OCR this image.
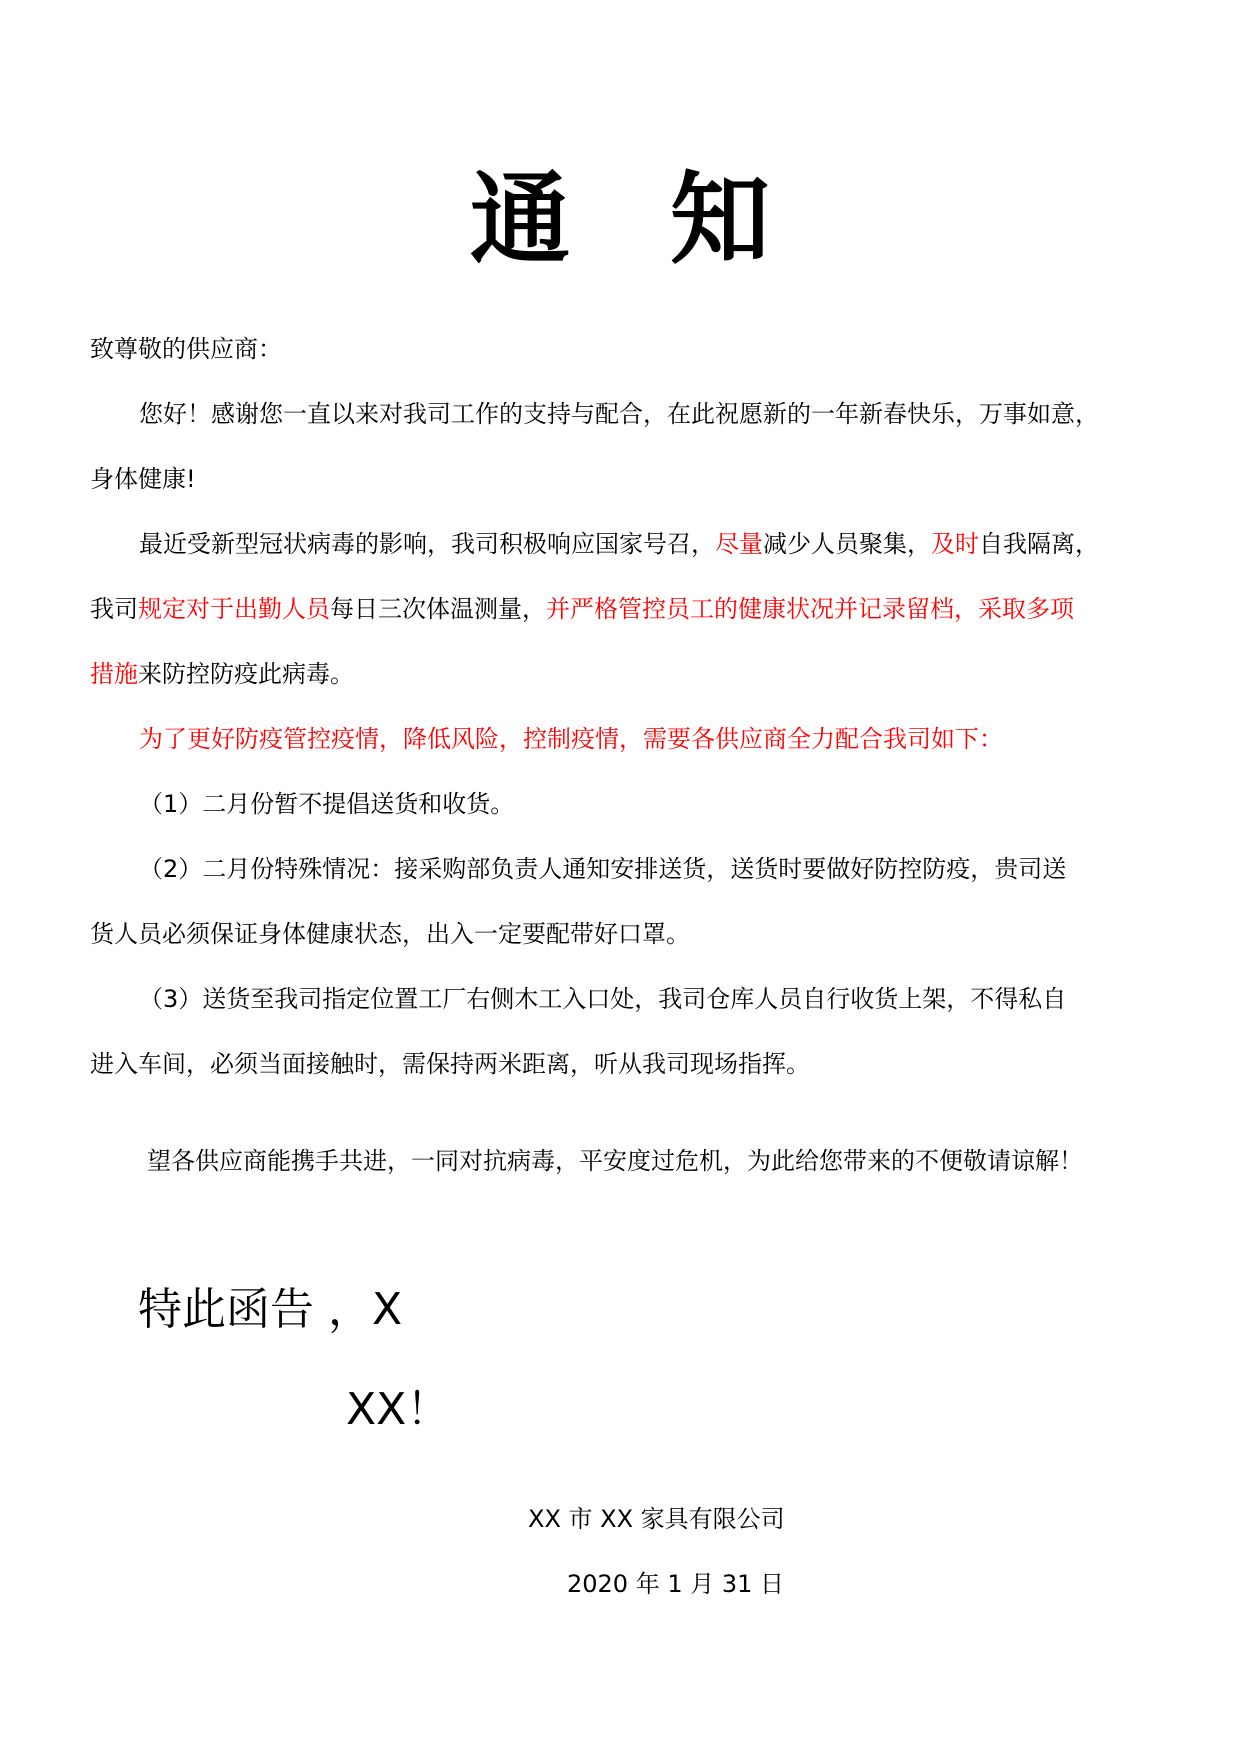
通 知
致尊敬的供应商：
您好！感谢您一直以来对我司工作的支持与配合，在此祝愿新的一年新春快乐，万事如意，
身体健康!
最近受新型冠状病毒的影响，我司积极响应国家号召，尽量减少人员聚集，及时自我隔离，
我司规定对于出勤人员每日三次体温测量，并严格管控员工的健康状况并记录留档，采取多项
措施来防控防疫此病毒。
为了更好防疫管控疫情，降低风险，控制疫情，需要各供应商全力配合我司如下：
（1）二月份暂不提倡送货和收货。
（2）二月份特殊情况：接采购部负责人通知安排送货，送货时要做好防控防疫，贵司送
货人员必须保证身体健康状态，出入一定要配带好口罩。
（3）送货至我司指定位置工厂右侧木工入口处，我司仓库人员自行收货上架，不得私自
进入车间，必须当面接触时，需保持两米距离，听从我司现场指挥。
望各供应商能携手共进，一同对抗病毒，平安度过危机，为此给您带来的不便敬请谅解！
特此函告 ，X
XX！
XX 市 XX 家具有限公司
2020 年 1 月 31 日
